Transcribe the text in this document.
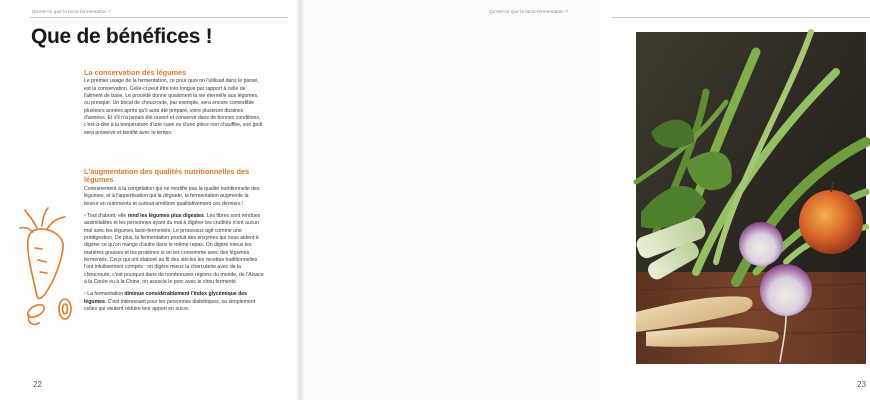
Qu'est-ce que la lacto-fermentation ?
Que de bénéfices !
La conservation des légumes

Le premier usage de la fermentation, ce pour quoi on l'utilisait dans le passé, est la conservation. Celle-ci peut être très longue par rapport à celle de l'aliment de base. Le procédé donne quasiment la vie éternelle aux légumes, ou presque. Un bocal de choucroute, par exemple, sera encore comestible plusieurs années après qu'il aura été préparé, voire plusieurs dizaines d'années. Et s'il n'a jamais été ouvert et conservé dans de bonnes conditions, c'est-à-dire à la température d'une cave ou d'une pièce non chauffée, son goût sera préservé et bonifié avec le temps.

L'augmentation des qualités nutritionnelles des légumes

Contrairement à la congélation qui ne modifie pas la qualité nutritionnelle des légumes, et à l'appertisation qui la dégrade, la fermentation augmente la teneur en nutriments et surtout améliore qualitativement ces derniers !

• Tout d'abord, elle rend les légumes plus digestes. Les fibres sont rendues assimilables et les personnes ayant du mal à digérer les crudités n'ont aucun mal avec les légumes lacto-fermentés. Le processus agit comme une prédigestion. De plus, la fermentation produit des enzymes qui nous aident à digérer ce qu'on mange d'autre dans le même repas. On digère mieux les matières grasses et les protéines si on les consomme avec des légumes fermentés. Ceux qui ont élaboré au fil des siècles les recettes traditionnelles l'ont intuitivement compris : on digère mieux la charcuterie avec de la choucroute, c'est pourquoi dans de nombreuses régions du monde, de l'Alsace à la Corée ou à la Chine, on associe le porc avec le chou fermenté.

• La fermentation diminue considérablement l'index glycémique des légumes. C'est intéressant pour les personnes diabétiques, ou simplement celles qui veulent réduire leur apport en sucre.

22
Qu'est-ce que la lacto-fermentation ?
23
